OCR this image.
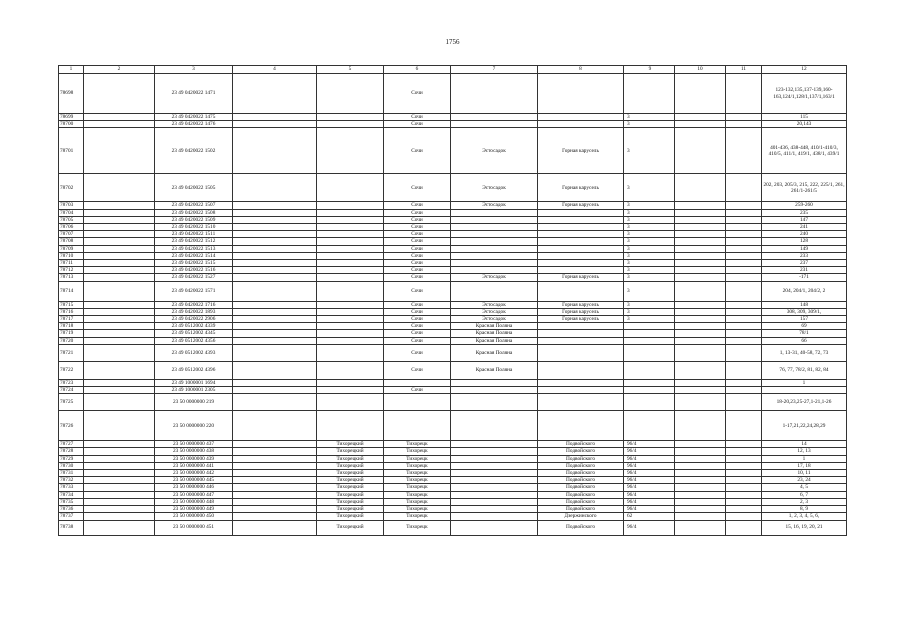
1756
1	2	3	4	5	6	7	8	9	10	11	12
78698		23 49 0420022 1471			Сочи						123-132,135,137-139,160-163,124/1,128/1,137/1,163/1
78699		23 49 0420022 1475			Сочи			3			115
78700		23 49 0420022 1476			Сочи			3			20,143
78701		23 49 0420022 1502			Сочи	Эстосадок	Горная карусель	3			401-436, 438-448, 410/1-410/3, 410/5, 411/1, 419/1, 438/1, 439/1
78702		23 49 0420022 1505			Сочи	Эстосадок	Горная карусель	3			202, 203, 205/3, 215, 222, 225/1, 261, 261/1-261/5
78703		23 49 0420022 1507			Сочи	Эстосадок	Горная карусель	3			259-260
78704		23 49 0420022 1508			Сочи			3			235
78705		23 49 0420022 1509			Сочи			3			147
78706		23 49 0420022 1510			Сочи			3			241
78707		23 49 0420022 1511			Сочи			3			240
78708		23 49 0420022 1512			Сочи			3			128
78709		23 49 0420022 1513			Сочи			3			149
78710		23 49 0420022 1514			Сочи			3			233
78711		23 49 0420022 1515			Сочи			3			237
78712		23 49 0420022 1516			Сочи			3			231
78713		23 49 0420022 1527			Сочи	Эстосадок	Горная карусель	3			-171
78714		23 49 0420022 1571			Сочи			3			204, 204/1, 204/2, 2
78715		23 49 0420022 1716			Сочи	Эстосадок	Горная карусель	3			148
78716		23 49 0420022 1893			Сочи	Эстосадок	Горная карусель	3			308, 309, 309/1,
78717		23 49 0420022 2906			Сочи	Эстосадок	Горная карусель	3			157
78718		23 49 0512002 4339			Сочи	Красная Поляна					69
78719		23 49 0512002 4345			Сочи	Красная Поляна					78/1
78720		23 49 0512002 4356			Сочи	Красная Поляна					66
78721		23 49 0512002 4393			Сочи	Красная Поляна					1, 13-31, 40-58, 72, 73
78722		23 49 0512002 4396			Сочи	Красная Поляна					76, 77, 78/2, 81, 82, 84
78723		23 49 1000001 1694									1
78724		23 49 1000001 2305			Сочи						
78725		23 50 0000000 219									18-20,23,25-27,1-21,1-26
78726		23 50 0000000 220									1-17,21,22,24,28,29
78727		23 50 0000000 437		Тихорецкий	Тихорецк		Подвойского	96/4			14
78728		23 50 0000000 438		Тихорецкий	Тихорецк		Подвойского	96/4			12, 13
78729		23 50 0000000 439		Тихорецкий	Тихорецк		Подвойского	96/4			1
78730		23 50 0000000 441		Тихорецкий	Тихорецк		Подвойского	96/4			17, 18
78731		23 50 0000000 442		Тихорецкий	Тихорецк		Подвойского	96/4			10, 11
78732		23 50 0000000 445		Тихорецкий	Тихорецк		Подвойского	96/4			23, 24
78733		23 50 0000000 446		Тихорецкий	Тихорецк		Подвойского	96/4			4, 5
78734		23 50 0000000 447		Тихорецкий	Тихорецк		Подвойского	96/4			6, 7
78735		23 50 0000000 448		Тихорецкий	Тихорецк		Подвойского	96/4			2, 3
78736		23 50 0000000 449		Тихорецкий	Тихорецк		Подвойского	96/4			8, 9
78737		23 50 0000000 450		Тихорецкий	Тихорецк		Дзержинского	62			1, 2, 3, 4, 5, 6,
78738		23 50 0000000 451		Тихорецкий	Тихорецк		Подвойского	96/4			15, 16, 19, 20, 21
